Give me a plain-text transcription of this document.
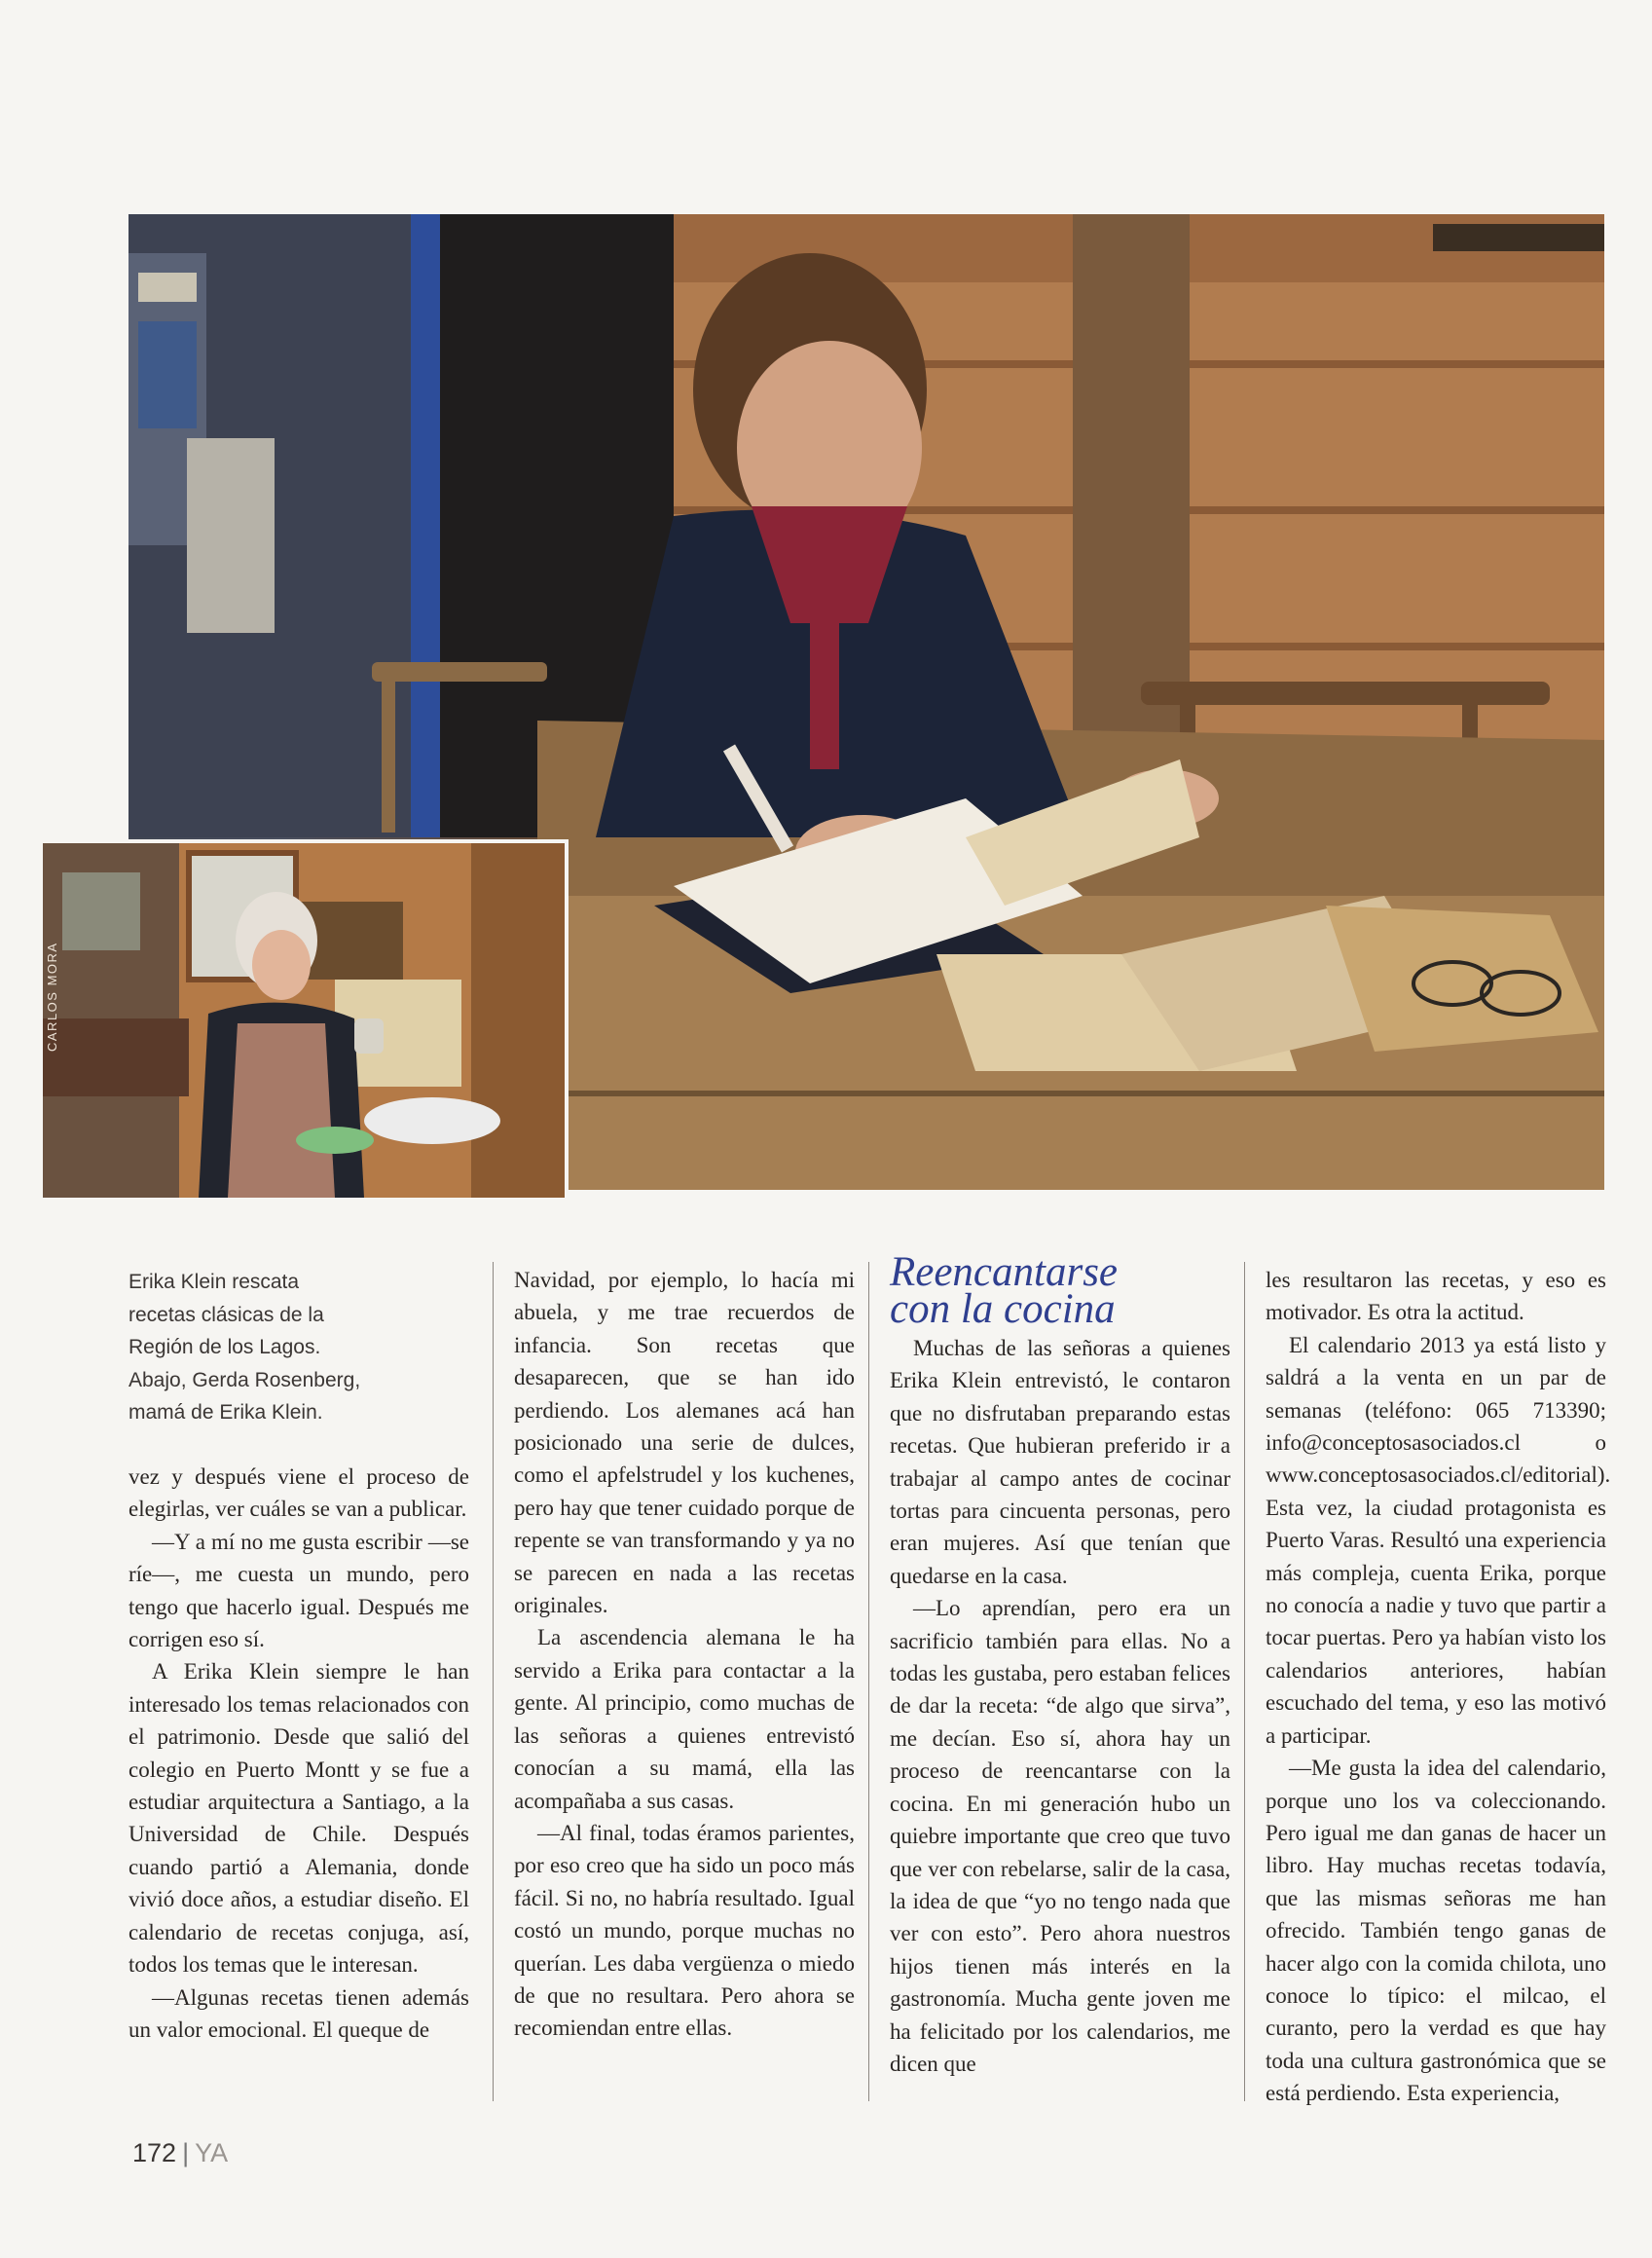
CARLOS MORA

Erika Klein rescata

recetas clásicas de la

Región de los Lagos.

Abajo, Gerda Rosenberg,

mamá de Erika Klein.

vez y después viene el proceso de elegirlas, ver cuáles se van a publicar.

—Y a mí no me gusta escribir —se ríe—, me cuesta un mundo, pero tengo que hacerlo igual. Después me corrigen eso sí.

A Erika Klein siempre le han interesado los temas relacionados con el patrimonio. Desde que salió del colegio en Puerto Montt y se fue a estudiar arquitectura a Santiago, a la Universidad de Chile. Después cuando partió a Alemania, donde vivió doce años, a estudiar diseño. El calendario de recetas conjuga, así, todos los temas que le interesan.

—Algunas recetas tienen además un valor emocional. El queque de

Navidad, por ejemplo, lo hacía mi abuela, y me trae recuerdos de infancia. Son recetas que desaparecen, que se han ido perdiendo. Los alemanes acá han posicionado una serie de dulces, como el apfelstrudel y los kuchenes, pero hay que tener cuidado porque de repente se van transformando y ya no se parecen en nada a las recetas originales.

La ascendencia alemana le ha servido a Erika para contactar a la gente. Al principio, como muchas de las señoras a quienes entrevistó conocían a su mamá, ella las acompañaba a sus casas.

—Al final, todas éramos parientes, por eso creo que ha sido un poco más fácil. Si no, no habría resultado. Igual costó un mundo, porque muchas no querían. Les daba vergüenza o miedo de que no resultara. Pero ahora se recomiendan entre ellas.

Reencantarse
con la cocina

Muchas de las señoras a quienes Erika Klein entrevistó, le contaron que no disfrutaban preparando estas recetas. Que hubieran preferido ir a trabajar al campo antes de cocinar tortas para cincuenta personas, pero eran mujeres. Así que tenían que quedarse en la casa.

—Lo aprendían, pero era un sacrificio también para ellas. No a todas les gustaba, pero estaban felices de dar la receta: “de algo que sirva”, me decían. Eso sí, ahora hay un proceso de reencantarse con la cocina. En mi generación hubo un quiebre importante que creo que tuvo que ver con rebelarse, salir de la casa, la idea de que “yo no tengo nada que ver con esto”. Pero ahora nuestros hijos tienen más interés en la gastronomía. Mucha gente joven me ha felicitado por los calendarios, me dicen que

les resultaron las recetas, y eso es motivador. Es otra la actitud.

El calendario 2013 ya está listo y saldrá a la venta en un par de semanas (teléfono: 065 713390; info@conceptosasociados.cl o www.conceptosasociados.cl/editorial). Esta vez, la ciudad protagonista es Puerto Varas. Resultó una experiencia más compleja, cuenta Erika, porque no conocía a nadie y tuvo que partir a tocar puertas. Pero ya habían visto los calendarios anteriores, habían escuchado del tema, y eso las motivó a participar.

—Me gusta la idea del calendario, porque uno los va coleccionando. Pero igual me dan ganas de hacer un libro. Hay muchas recetas todavía, que las mismas señoras me han ofrecido. También tengo ganas de hacer algo con la comida chilota, uno conoce lo típico: el milcao, el curanto, pero la verdad es que hay toda una cultura gastronómica que se está perdiendo. Esta experiencia,

172 | YA
